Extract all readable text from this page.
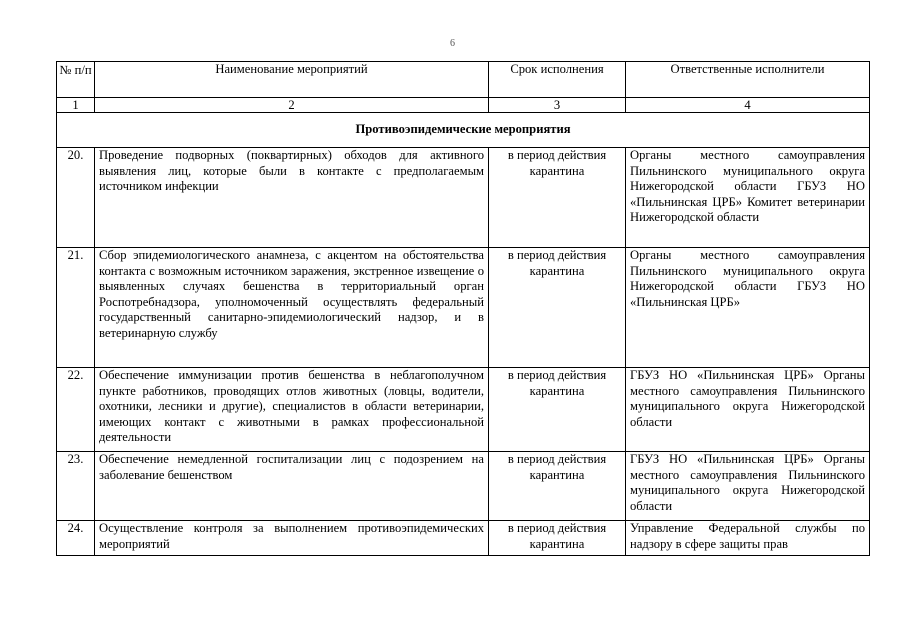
6
№ п/п	Наименование мероприятий	Срок исполнения	Ответственные исполнители
1	2	3	4
Противоэпидемические мероприятия			
20.	Проведение подворных (поквартирных) обходов для активного выявления лиц, которые были в контакте с предполагаемым источником инфекции	в период действия карантина	Органы местного самоуправления Пильнинского муниципального округа Нижегородской области ГБУЗ НО «Пильнинская ЦРБ» Комитет ветеринарии Нижегородской области
21.	Сбор эпидемиологического анамнеза, с акцентом на обстоятельства контакта с возможным источником заражения, экстренное извещение о выявленных случаях бешенства в территориальный орган Роспотребнадзора, уполномоченный осуществлять федеральный государственный санитарно-эпидемиологический надзор, и в ветеринарную службу	в период действия карантина	Органы местного самоуправления Пильнинского муниципального округа Нижегородской области ГБУЗ НО «Пильнинская ЦРБ»
22.	Обеспечение иммунизации против бешенства в неблагополучном пункте работников, проводящих отлов животных (ловцы, водители, охотники, лесники и другие), специалистов в области ветеринарии, имеющих контакт с животными в рамках профессиональной деятельности	в период действия карантина	ГБУЗ НО «Пильнинская ЦРБ» Органы местного самоуправления Пильнинского муниципального округа Нижегородской области
23.	Обеспечение немедленной госпитализации лиц с подозрением на заболевание бешенством	в период действия карантина	ГБУЗ НО «Пильнинская ЦРБ» Органы местного самоуправления Пильнинского муниципального округа Нижегородской области
24.	Осуществление контроля за выполнением противоэпидемических мероприятий	в период действия карантина	Управление Федеральной службы по надзору в сфере защиты прав
